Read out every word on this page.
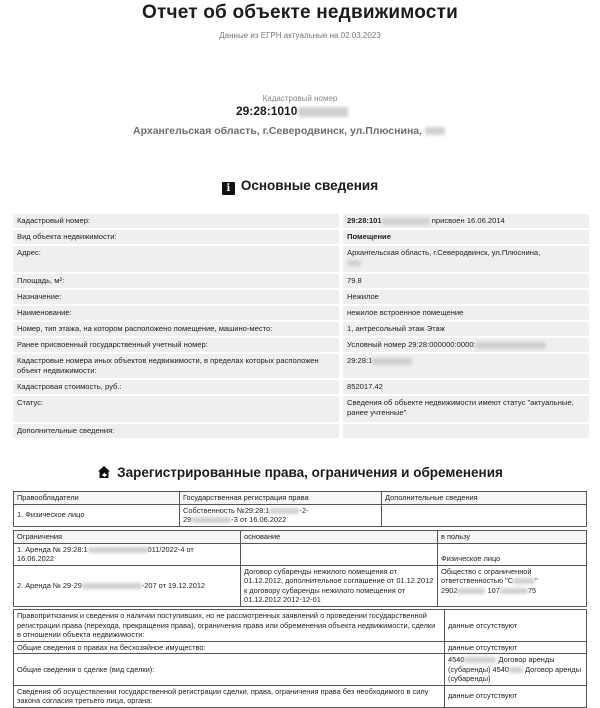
Отчет об объекте недвижимости
Данные из ЕГРН актуальные на 02.03.2023
Кадастровый номер
29:28:1010
Архангельская область, г.Северодвинск, ул.Плюснина,
i Основные сведения
Кадастровый номер:	29:28:101 присвоен 16.06.2014
Вид объекта недвижимости:	Помещение
Адрес:	Архангельская область, г.Северодвинск, ул.Плюснина,

Площадь, м²:	79.8
Назначение:	Нежилое
Наименование:	нежилое встроенное помещение
Номер, тип этажа, на котором расположено помещение, машино-место:	1, антресольный этаж Этаж
Ранее присвоенный государственный учетный номер:	Условный номер 29:28:000000:0000:
Кадастровые номера иных объектов недвижимости, в пределах которых расположен объект недвижимости:	29:28:1
Кадастровая стоимость, руб.:	852017.42
Статус:	Сведения об объекте недвижимости имеют статус "актуальные, ранее учтенные"
Дополнительные сведения:	
Зарегистрированные права, ограничения и обременения
Правообладатели	Государственная регистрация права	Дополнительные сведения
1. Физическое лицо	Собственность №29:28:1 -2-
29 -3 от 16.06.2022	
Ограничения	основание	в пользу
1. Аренда № 29:28:1 011/2022-4 от
16.06.2022		Физическое лицо
2. Аренда № 29-29 -207 от 19.12.2012	Договор субаренды нежилого помещения от 01.12.2012, дополнительное соглашение от 01.12.2012 к договору субаренды нежилого помещения от 01.12.2012 2012-12-01	Общество с ограниченной ответственностью "С "
2902 107 75
Правопритязания и сведения о наличии поступивших, но не рассмотренных заявлений о проведении государственной регистрации права (перехода, прекращения права), ограничения права или обременения объекта недвижимости, сделки в отношении объекта недвижимости:	данные отсутствуют
Общие сведения о правах на бесхозяйное имущество:	данные отсутствуют
Общие сведения о сделке (вид сделки):	4540 Договор аренды (субаренды) 4540 Договор аренды (субаренды)
Сведения об осуществлении государственной регистрации сделки, права, ограничения права без необходимого в силу закона согласия третьего лица, органа:	данные отсутствуют
